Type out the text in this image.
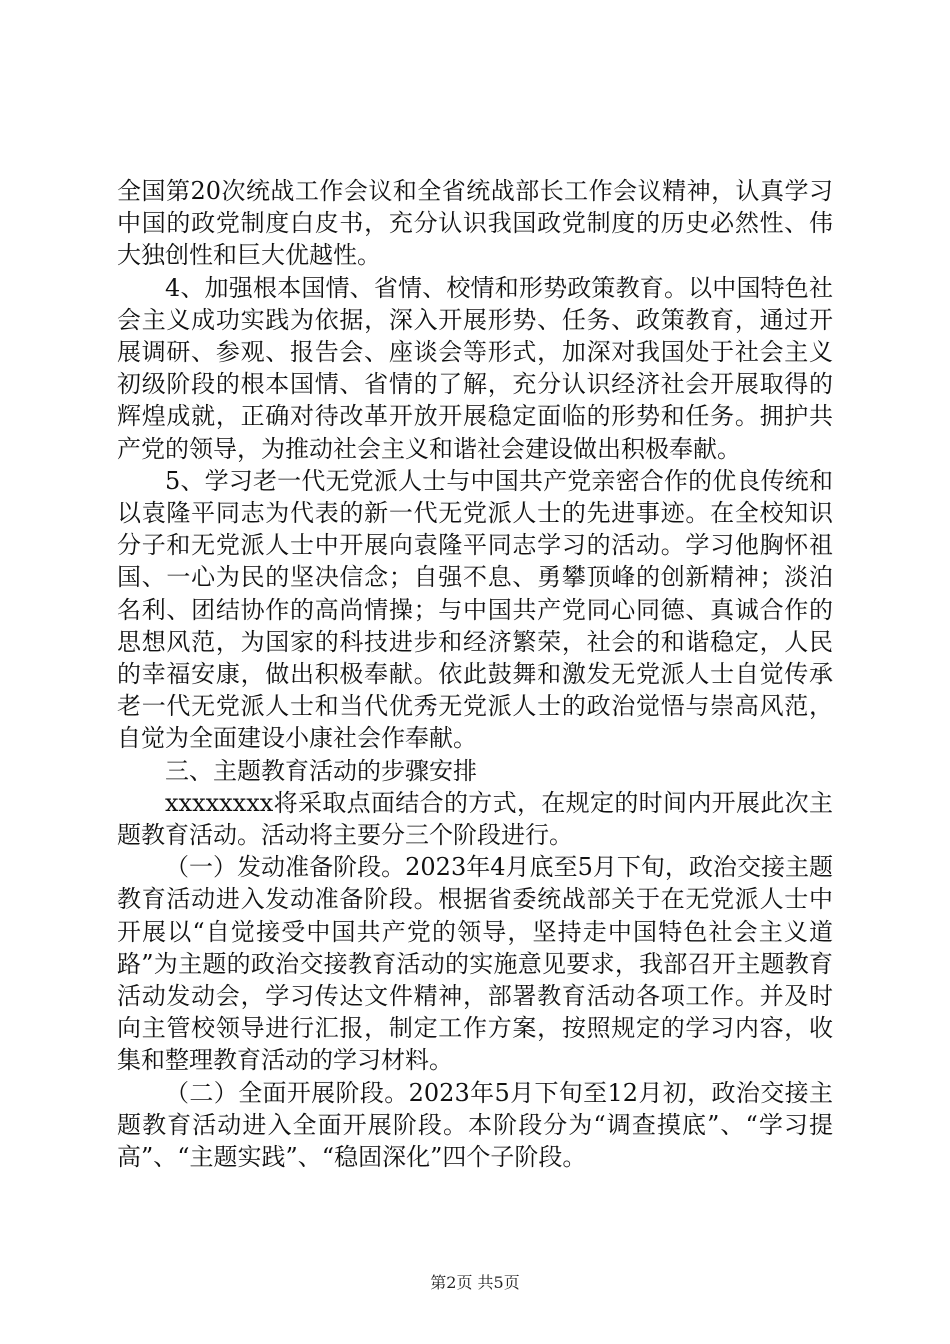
全国第20次统战工作会议和全省统战部长工作会议精神，认真学习中国的政党制度白皮书，充分认识我国政党制度的历史必然性、伟大独创性和巨大优越性。

4、加强根本国情、省情、校情和形势政策教育。以中国特色社会主义成功实践为依据，深入开展形势、任务、政策教育，通过开展调研、参观、报告会、座谈会等形式，加深对我国处于社会主义初级阶段的根本国情、省情的了解，充分认识经济社会开展取得的辉煌成就，正确对待改革开放开展稳定面临的形势和任务。拥护共产党的领导，为推动社会主义和谐社会建设做出积极奉献。

5、学习老一代无党派人士与中国共产党亲密合作的优良传统和以袁隆平同志为代表的新一代无党派人士的先进事迹。在全校知识分子和无党派人士中开展向袁隆平同志学习的活动。学习他胸怀祖国、一心为民的坚决信念；自强不息、勇攀顶峰的创新精神；淡泊名利、团结协作的高尚情操；与中国共产党同心同德、真诚合作的思想风范，为国家的科技进步和经济繁荣，社会的和谐稳定，人民的幸福安康，做出积极奉献。依此鼓舞和激发无党派人士自觉传承老一代无党派人士和当代优秀无党派人士的政治觉悟与崇高风范，自觉为全面建设小康社会作奉献。

三、主题教育活动的步骤安排

xxxxxxxx将采取点面结合的方式，在规定的时间内开展此次主题教育活动。活动将主要分三个阶段进行。

（一）发动准备阶段。2023年4月底至5月下旬，政治交接主题教育活动进入发动准备阶段。根据省委统战部关于在无党派人士中开展以“自觉接受中国共产党的领导，坚持走中国特色社会主义道路”为主题的政治交接教育活动的实施意见要求，我部召开主题教育活动发动会，学习传达文件精神，部署教育活动各项工作。并及时向主管校领导进行汇报，制定工作方案，按照规定的学习内容，收集和整理教育活动的学习材料。

（二）全面开展阶段。2023年5月下旬至12月初，政治交接主题教育活动进入全面开展阶段。本阶段分为“调查摸底”、“学习提高”、“主题实践”、“稳固深化”四个子阶段。

第2页 共5页
